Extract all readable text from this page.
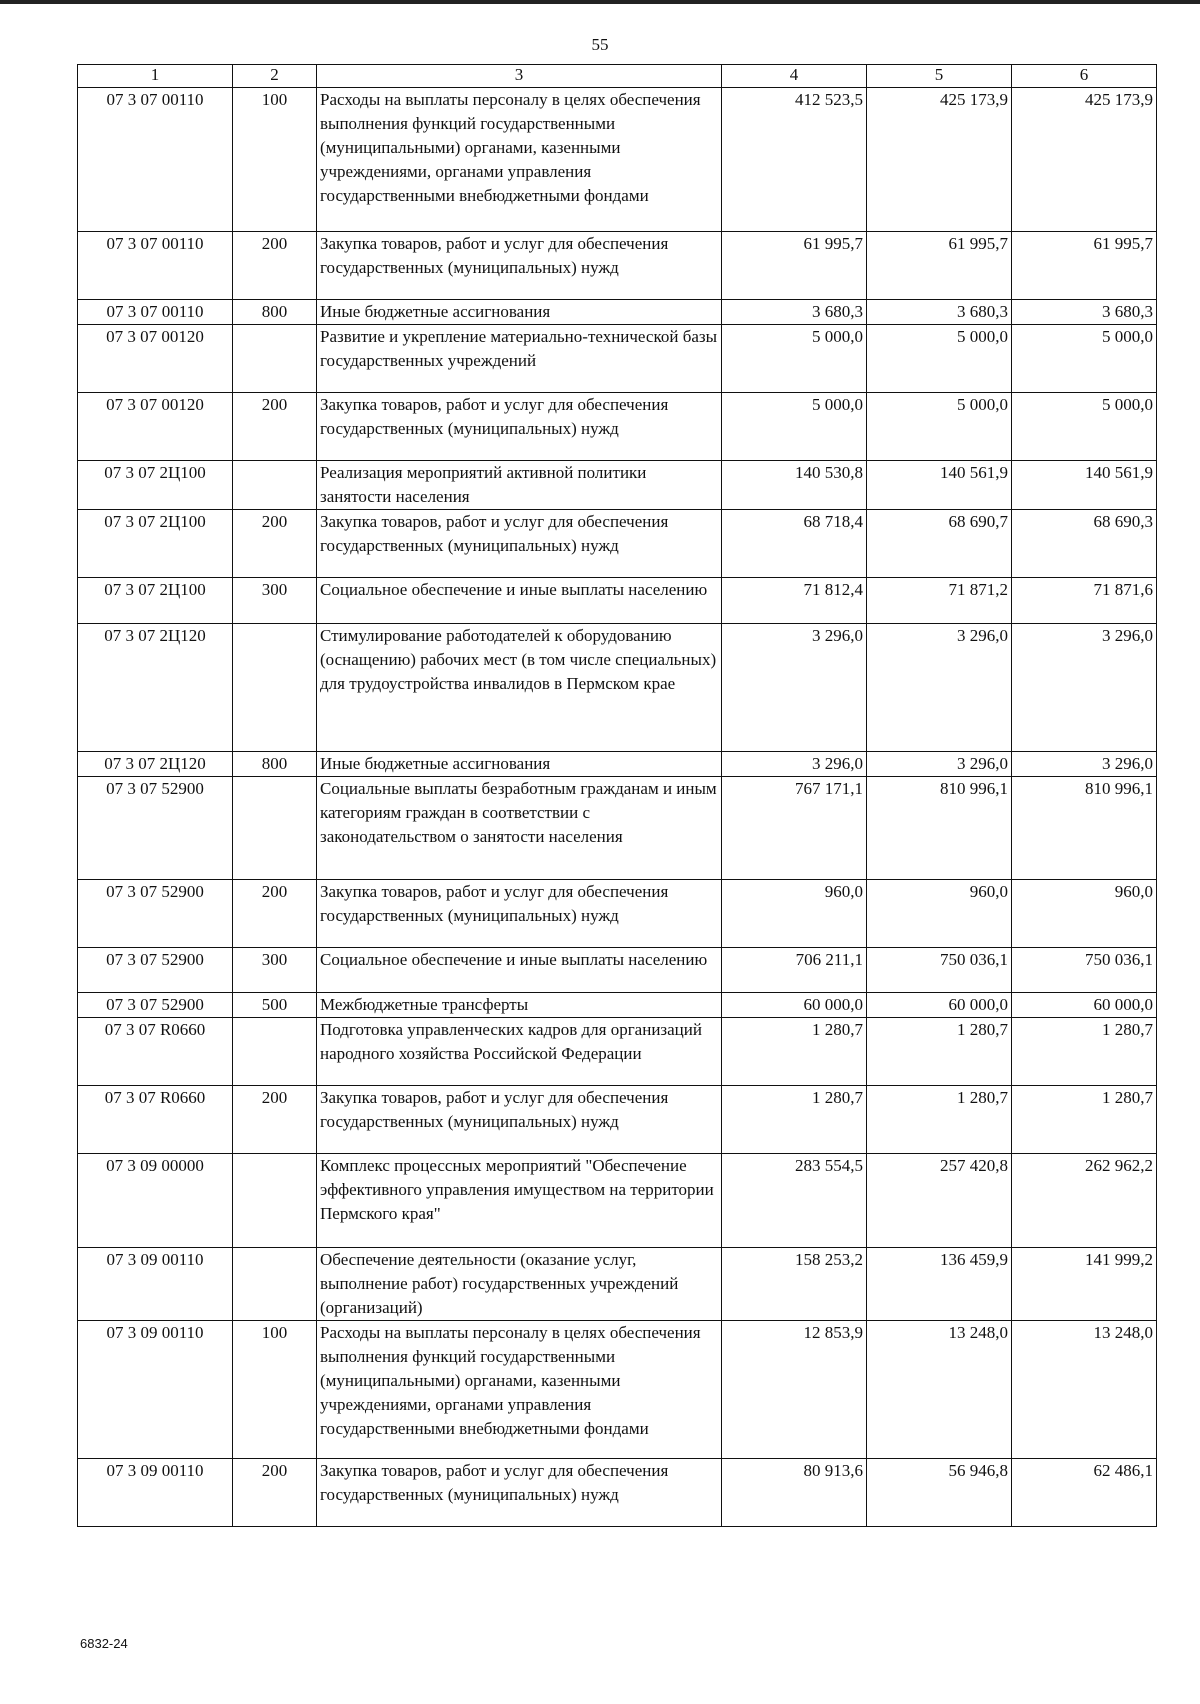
55
1	2	3	4	5	6
07 3 07 00110	100	Расходы на выплаты персоналу в целях обеспечения выполнения функций государственными (муниципальными) органами, казенными учреждениями, органами управления государственными внебюджетными фондами	412 523,5	425 173,9	425 173,9
07 3 07 00110	200	Закупка товаров, работ и услуг для обеспечения государственных (муниципальных) нужд	61 995,7	61 995,7	61 995,7
07 3 07 00110	800	Иные бюджетные ассигнования	3 680,3	3 680,3	3 680,3
07 3 07 00120		Развитие и укрепление материально-технической базы государственных учреждений	5 000,0	5 000,0	5 000,0
07 3 07 00120	200	Закупка товаров, работ и услуг для обеспечения государственных (муниципальных) нужд	5 000,0	5 000,0	5 000,0
07 3 07 2Ц100		Реализация мероприятий активной политики занятости населения	140 530,8	140 561,9	140 561,9
07 3 07 2Ц100	200	Закупка товаров, работ и услуг для обеспечения государственных (муниципальных) нужд	68 718,4	68 690,7	68 690,3
07 3 07 2Ц100	300	Социальное обеспечение и иные выплаты населению	71 812,4	71 871,2	71 871,6
07 3 07 2Ц120		Стимулирование работодателей к оборудованию (оснащению) рабочих мест (в том числе специальных) для трудоустройства инвалидов в Пермском крае	3 296,0	3 296,0	3 296,0
07 3 07 2Ц120	800	Иные бюджетные ассигнования	3 296,0	3 296,0	3 296,0
07 3 07 52900		Социальные выплаты безработным гражданам и иным категориям граждан в соответствии с законодательством о занятости населения	767 171,1	810 996,1	810 996,1
07 3 07 52900	200	Закупка товаров, работ и услуг для обеспечения государственных (муниципальных) нужд	960,0	960,0	960,0
07 3 07 52900	300	Социальное обеспечение и иные выплаты населению	706 211,1	750 036,1	750 036,1
07 3 07 52900	500	Межбюджетные трансферты	60 000,0	60 000,0	60 000,0
07 3 07 R0660		Подготовка управленческих кадров для организаций народного хозяйства Российской Федерации	1 280,7	1 280,7	1 280,7
07 3 07 R0660	200	Закупка товаров, работ и услуг для обеспечения государственных (муниципальных) нужд	1 280,7	1 280,7	1 280,7
07 3 09 00000		Комплекс процессных мероприятий "Обеспечение эффективного управления имуществом на территории Пермского края"	283 554,5	257 420,8	262 962,2
07 3 09 00110		Обеспечение деятельности (оказание услуг, выполнение работ) государственных учреждений (организаций)	158 253,2	136 459,9	141 999,2
07 3 09 00110	100	Расходы на выплаты персоналу в целях обеспечения выполнения функций государственными (муниципальными) органами, казенными учреждениями, органами управления государственными внебюджетными фондами	12 853,9	13 248,0	13 248,0
07 3 09 00110	200	Закупка товаров, работ и услуг для обеспечения государственных (муниципальных) нужд	80 913,6	56 946,8	62 486,1
6832-24
